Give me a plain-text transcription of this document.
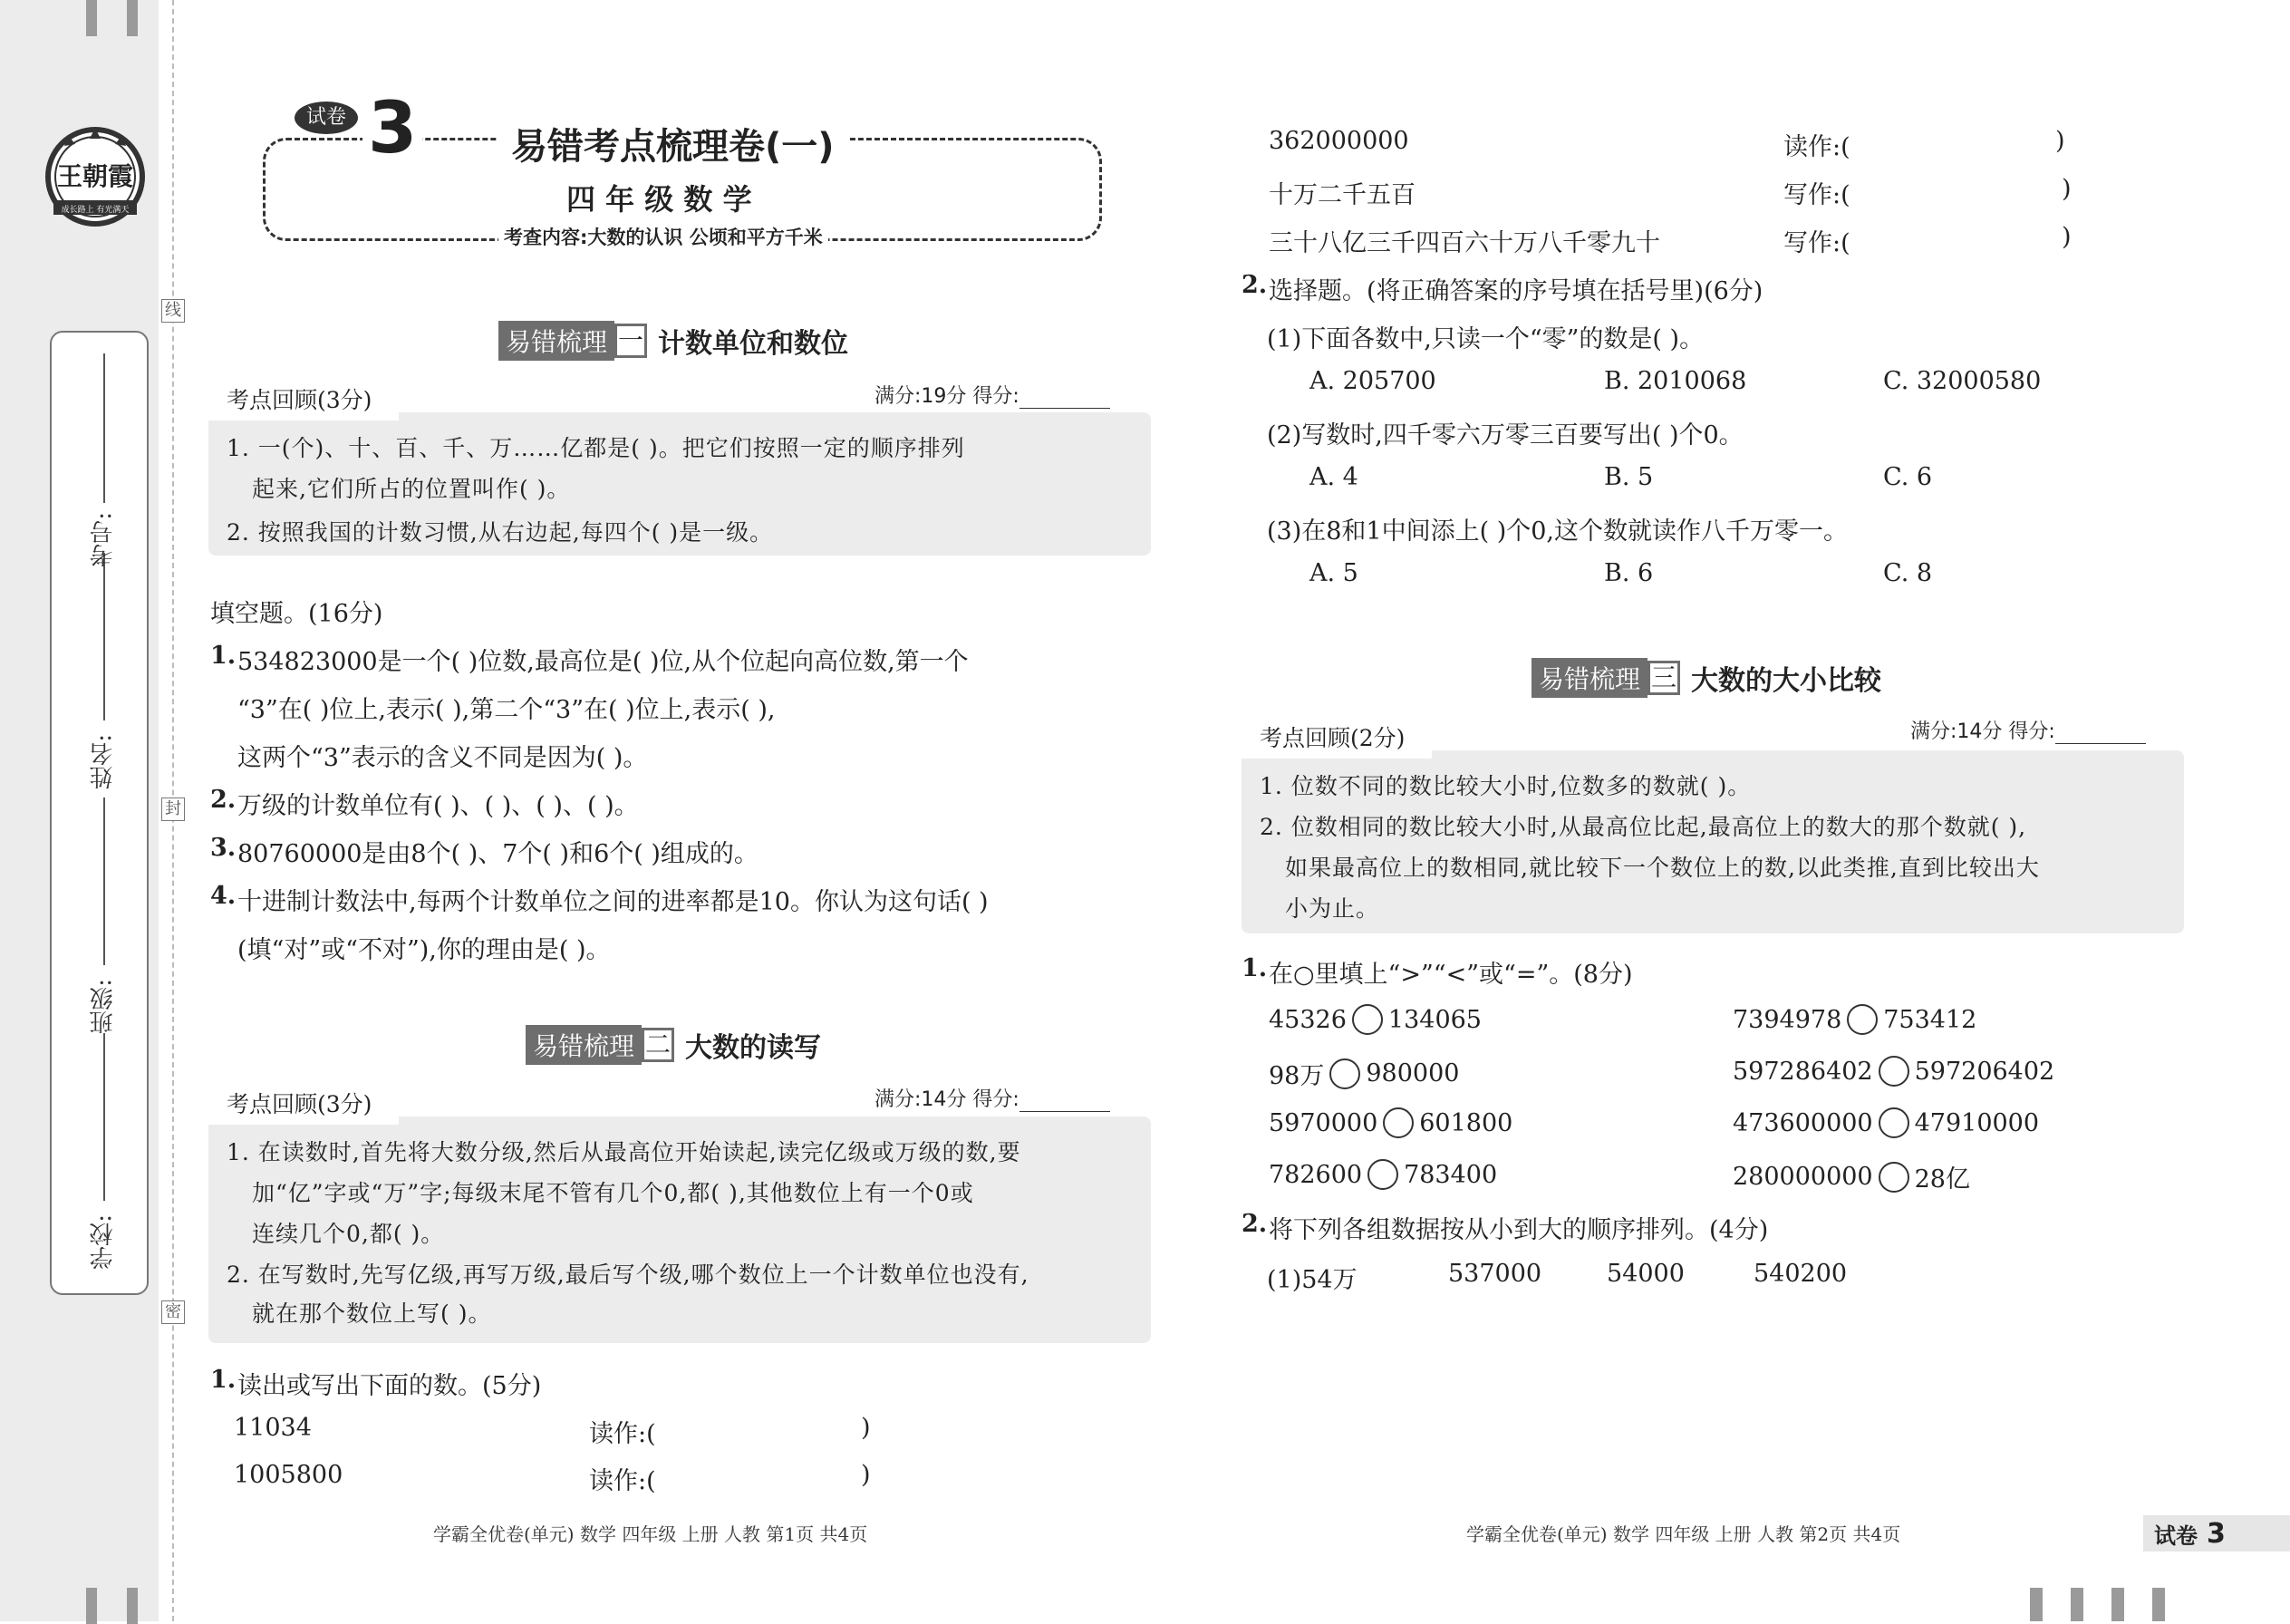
王朝霞
成长路上 有光满天
学校:
班级:
姓名:
考号:
线
封
密
试卷 3	易错考点梳理卷(一)
四 年 级 数 学
考查内容:大数的认识 公顷和平方千米
易错梳理 一 计数单位和数位
考点回顾(3分)	满分:19分 得分:
1. 一(个)、十、百、千、万……亿都是( )。把它们按照一定的顺序排列
起来,它们所占的位置叫作( )。
2. 按照我国的计数习惯,从右边起,每四个( )是一级。
填空题。(16分)
1. 534823000是一个( )位数,最高位是( )位,从个位起向高位数,第一个
“3”在( )位上,表示( ),第二个“3”在( )位上,表示( ),
这两个“3”表示的含义不同是因为( )。
2. 万级的计数单位有( )、( )、( )、( )。
3. 80760000是由8个( )、7个( )和6个( )组成的。
4. 十进制计数法中,每两个计数单位之间的进率都是10。你认为这句话( )
(填“对”或“不对”),你的理由是( )。
易错梳理 二 大数的读写
考点回顾(3分)	满分:14分 得分:
1. 在读数时,首先将大数分级,然后从最高位开始读起,读完亿级或万级的数,要
加“亿”字或“万”字;每级末尾不管有几个0,都( ),其他数位上有一个0或
连续几个0,都( )。
2. 在写数时,先写亿级,再写万级,最后写个级,哪个数位上一个计数单位也没有,
就在那个数位上写( )。
1. 读出或写出下面的数。(5分)
11034	读作:(	)
1005800	读作:(	)
362000000	读作:(	)
十万二千五百	写作:(	)
三十八亿三千四百六十万八千零九十	写作:(	)
2. 选择题。(将正确答案的序号填在括号里)(6分)
(1)下面各数中,只读一个“零”的数是( )。
A. 205700	B. 2010068	C. 32000580
(2)写数时,四千零六万零三百要写出( )个0。
A. 4	B. 5	C. 6
(3)在8和1中间添上( )个0,这个数就读作八千万零一。
A. 5	B. 6	C. 8
易错梳理 三 大数的大小比较
考点回顾(2分)	满分:14分 得分:
1. 位数不同的数比较大小时,位数多的数就( )。
2. 位数相同的数比较大小时,从最高位比起,最高位上的数大的那个数就( ),
如果最高位上的数相同,就比较下一个数位上的数,以此类推,直到比较出大
小为止。
1. 在○里填上“>”“<”或“=”。(8分)
45326 134065	7394978 753412
98万 980000	597286402 597206402
5970000 601800	473600000 47910000
782600 783400	280000000 28亿
2. 将下列各组数据按从小到大的顺序排列。(4分)
(1)54万	537000	54000	540200
学霸全优卷(单元) 数学 四年级 上册 人教 第1页 共4页	学霸全优卷(单元) 数学 四年级 上册 人教 第2页 共4页	试卷 3
